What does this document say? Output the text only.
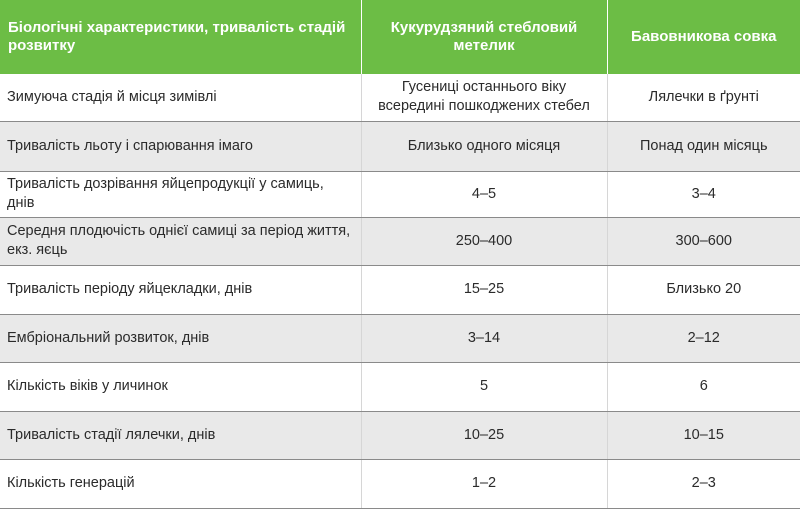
Біологічні характеристики, тривалість стадій розвитку	Кукурудзяний стебловий метелик	Бавовникова совка
Зимуюча стадія й місця зимівлі	Гусениці останнього віку всередині пошкоджених стебел	Лялечки в ґрунті
Тривалість льоту і спарювання імаго	Близько одного місяця	Понад один місяць
Тривалість дозрівання яйцепродукції у самиць, днів	4–5	3–4
Середня плодючість однієї самиці за період життя, екз. яєць	250–400	300–600
Тривалість періоду яйцекладки, днів	15–25	Близько 20
Ембріональний розвиток, днів	3–14	2–12
Кількість віків у личинок	5	6
Тривалість стадії лялечки, днів	10–25	10–15
Кількість генерацій	1–2	2–3
